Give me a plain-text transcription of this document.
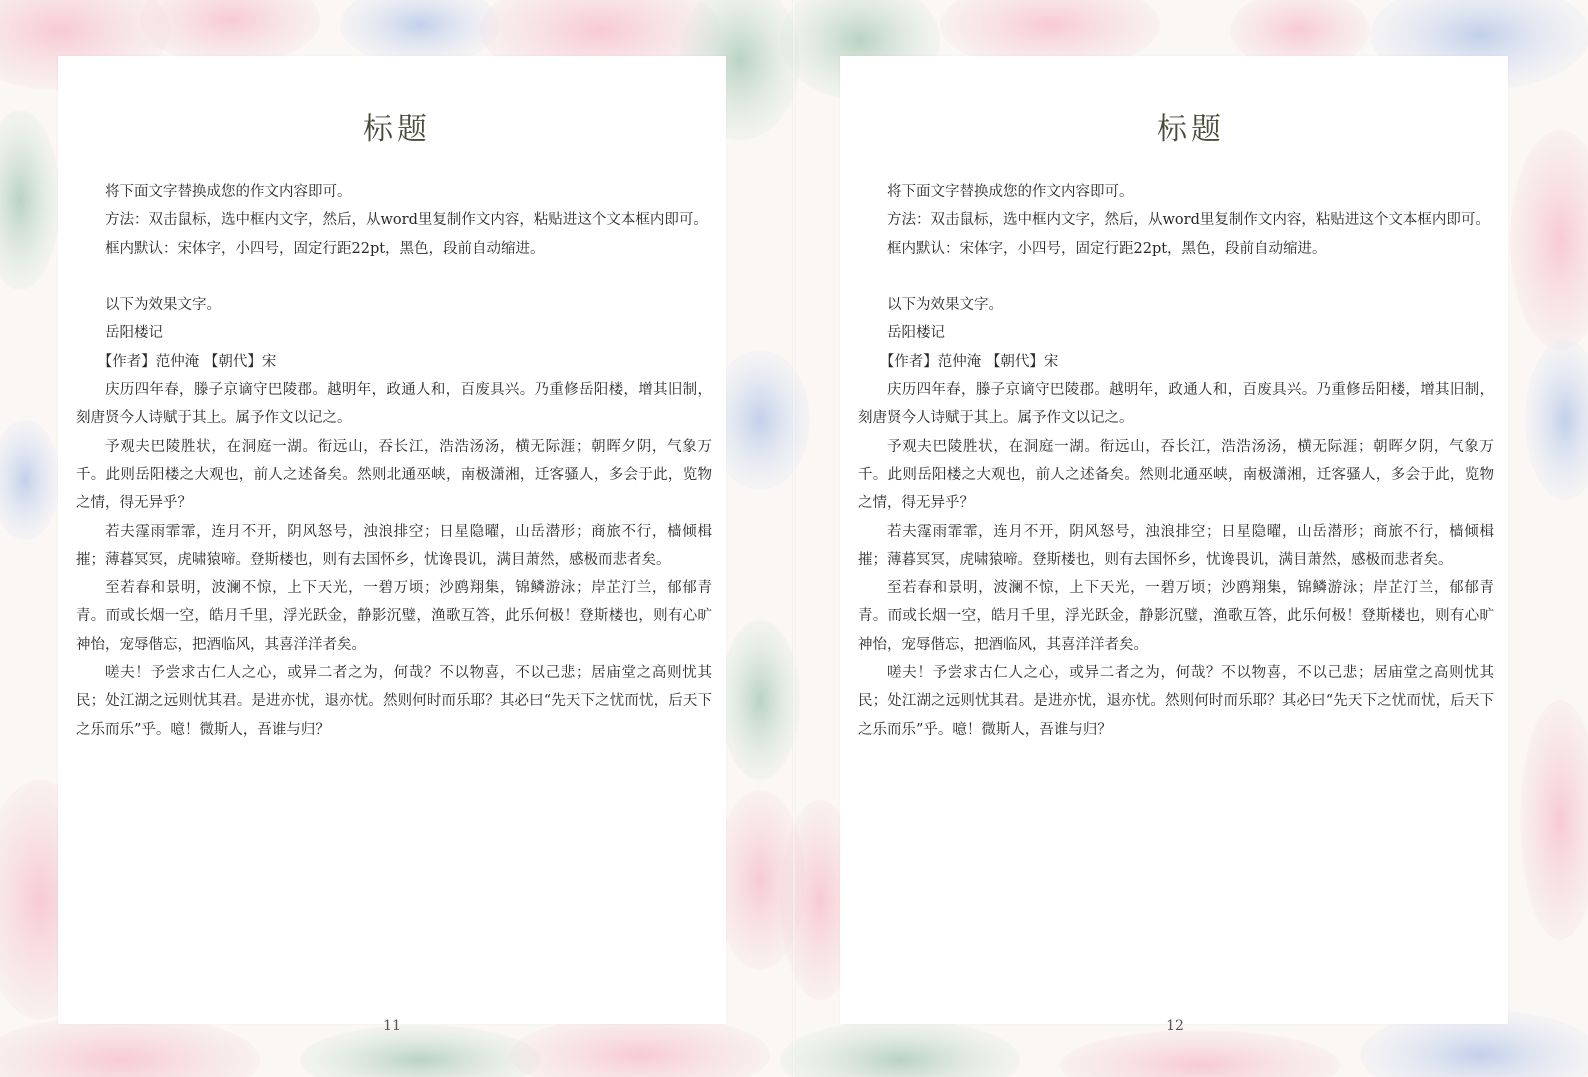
标题

将下面文字替换成您的作文内容即可。

方法：双击鼠标，选中框内文字，然后，从word里复制作文内容，粘贴进这个文本框内即可。

框内默认：宋体字，小四号，固定行距22pt，黑色，段前自动缩进。

以下为效果文字。

岳阳楼记

【作者】范仲淹 【朝代】宋

庆历四年春，滕子京谪守巴陵郡。越明年，政通人和，百废具兴。乃重修岳阳楼，增其旧制，刻唐贤今人诗赋于其上。属予作文以记之。

予观夫巴陵胜状，在洞庭一湖。衔远山，吞长江，浩浩汤汤，横无际涯；朝晖夕阴，气象万千。此则岳阳楼之大观也，前人之述备矣。然则北通巫峡，南极潇湘，迁客骚人，多会于此，览物之情，得无异乎？

若夫霪雨霏霏，连月不开，阴风怒号，浊浪排空；日星隐曜，山岳潜形；商旅不行，樯倾楫摧；薄暮冥冥，虎啸猿啼。登斯楼也，则有去国怀乡，忧谗畏讥，满目萧然，感极而悲者矣。

至若春和景明，波澜不惊，上下天光，一碧万顷；沙鸥翔集，锦鳞游泳；岸芷汀兰，郁郁青青。而或长烟一空，皓月千里，浮光跃金，静影沉璧，渔歌互答，此乐何极！登斯楼也，则有心旷神怡，宠辱偕忘，把酒临风，其喜洋洋者矣。

嗟夫！予尝求古仁人之心，或异二者之为，何哉？不以物喜，不以己悲；居庙堂之高则忧其民；处江湖之远则忧其君。是进亦忧，退亦忧。然则何时而乐耶？其必曰“先天下之忧而忧，后天下之乐而乐”乎。噫！微斯人，吾谁与归？

11
标题

将下面文字替换成您的作文内容即可。

方法：双击鼠标，选中框内文字，然后，从word里复制作文内容，粘贴进这个文本框内即可。

框内默认：宋体字，小四号，固定行距22pt，黑色，段前自动缩进。

以下为效果文字。

岳阳楼记

【作者】范仲淹 【朝代】宋

庆历四年春，滕子京谪守巴陵郡。越明年，政通人和，百废具兴。乃重修岳阳楼，增其旧制，刻唐贤今人诗赋于其上。属予作文以记之。

予观夫巴陵胜状，在洞庭一湖。衔远山，吞长江，浩浩汤汤，横无际涯；朝晖夕阴，气象万千。此则岳阳楼之大观也，前人之述备矣。然则北通巫峡，南极潇湘，迁客骚人，多会于此，览物之情，得无异乎？

若夫霪雨霏霏，连月不开，阴风怒号，浊浪排空；日星隐曜，山岳潜形；商旅不行，樯倾楫摧；薄暮冥冥，虎啸猿啼。登斯楼也，则有去国怀乡，忧谗畏讥，满目萧然，感极而悲者矣。

至若春和景明，波澜不惊，上下天光，一碧万顷；沙鸥翔集，锦鳞游泳；岸芷汀兰，郁郁青青。而或长烟一空，皓月千里，浮光跃金，静影沉璧，渔歌互答，此乐何极！登斯楼也，则有心旷神怡，宠辱偕忘，把酒临风，其喜洋洋者矣。

嗟夫！予尝求古仁人之心，或异二者之为，何哉？不以物喜，不以己悲；居庙堂之高则忧其民；处江湖之远则忧其君。是进亦忧，退亦忧。然则何时而乐耶？其必曰“先天下之忧而忧，后天下之乐而乐”乎。噫！微斯人，吾谁与归？

12
